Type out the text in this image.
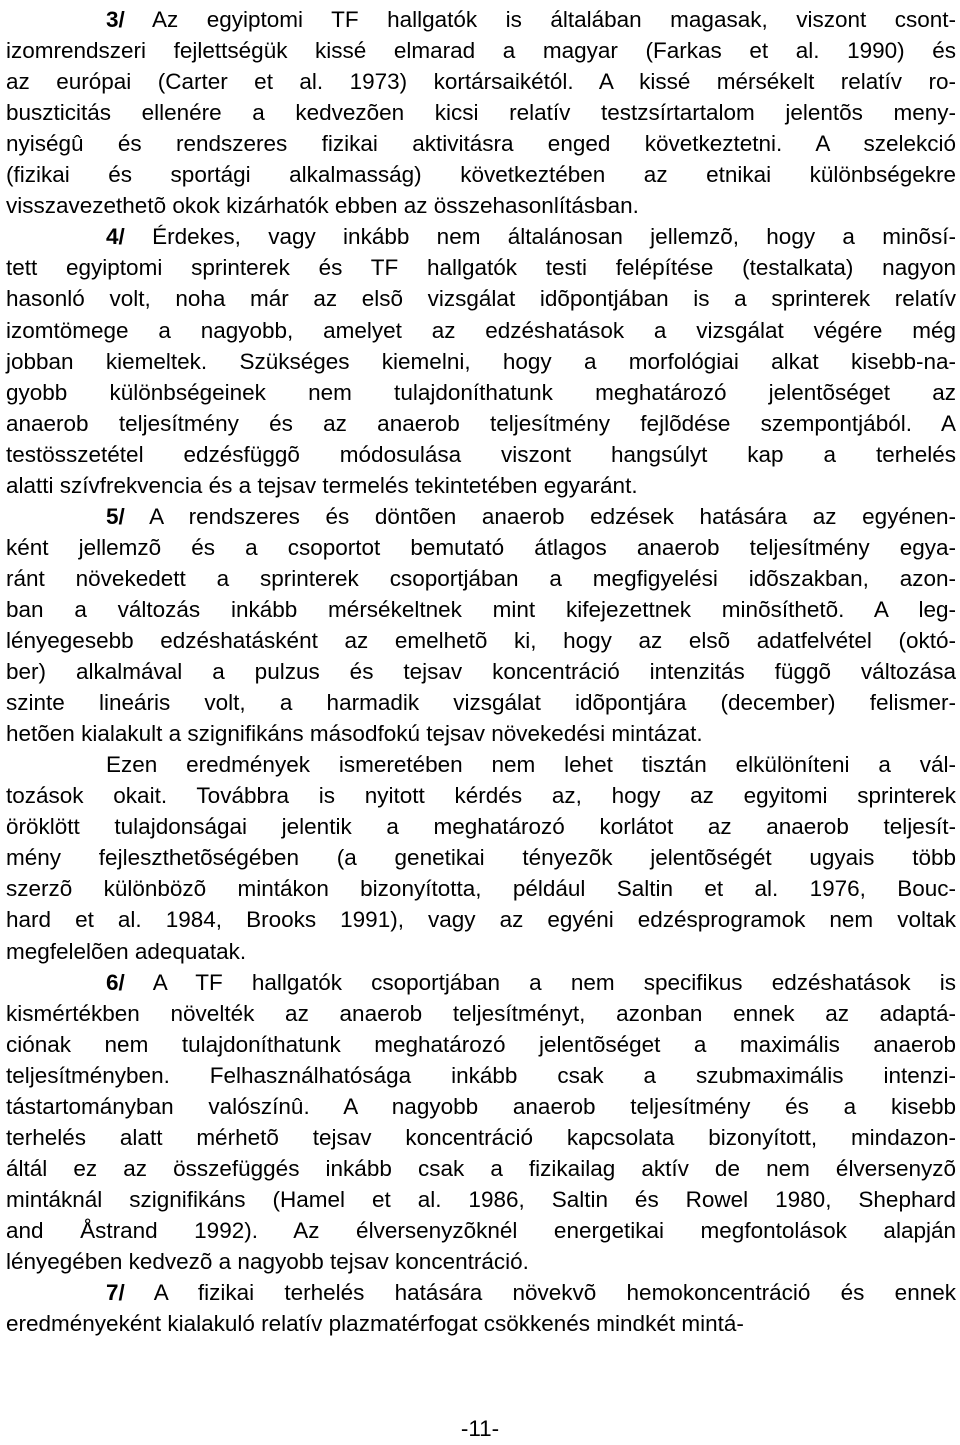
3/ Az egyiptomi TF hallgatók is általában magasak, viszont csont-
izomrendszeri fejlettségük kissé elmarad a magyar (Farkas et al. 1990) és
az európai (Carter et al. 1973) kortársaikétól. A kissé mérsékelt relatív ro-
buszticitás ellenére a kedvezõen kicsi relatív testzsírtartalom jelentõs meny-
nyiségû és rendszeres fizikai aktivitásra enged következtetni. A szelekció
(fizikai és sportági alkalmasság) következtében az etnikai különbségekre
visszavezethetõ okok kizárhatók ebben az összehasonlításban.
4/ Érdekes, vagy inkább nem általánosan jellemzõ, hogy a minõsí-
tett egyiptomi sprinterek és TF hallgatók testi felépítése (testalkata) nagyon
hasonló volt, noha már az elsõ vizsgálat idõpontjában is a sprinterek relatív
izomtömege a nagyobb, amelyet az edzéshatások a vizsgálat végére még
jobban kiemeltek. Szükséges kiemelni, hogy a morfológiai alkat kisebb-na-
gyobb különbségeinek nem tulajdoníthatunk meghatározó jelentõséget az
anaerob teljesítmény és az anaerob teljesítmény fejlõdése szempontjából. A
testösszetétel edzésfüggõ módosulása viszont hangsúlyt kap a terhelés
alatti szívfrekvencia és a tejsav termelés tekintetében egyaránt.
5/ A rendszeres és döntõen anaerob edzések hatására az egyénen-
ként jellemzõ és a csoportot bemutató átlagos anaerob teljesítmény egya-
ránt növekedett a sprinterek csoportjában a megfigyelési idõszakban, azon-
ban a változás inkább mérsékeltnek mint kifejezettnek minõsíthetõ. A leg-
lényegesebb edzéshatásként az emelhetõ ki, hogy az elsõ adatfelvétel (októ-
ber) alkalmával a pulzus és tejsav koncentráció intenzitás függõ változása
szinte lineáris volt, a harmadik vizsgálat idõpontjára (december) felismer-
hetõen kialakult a szignifikáns másodfokú tejsav növekedési mintázat.
Ezen eredmények ismeretében nem lehet tisztán elkülöníteni a vál-
tozások okait. Továbbra is nyitott kérdés az, hogy az egyitomi sprinterek
öröklött tulajdonságai jelentik a meghatározó korlátot az anaerob teljesít-
mény fejleszthetõségében (a genetikai tényezõk jelentõségét ugyais több
szerzõ különbözõ mintákon bizonyította, például Saltin et al. 1976, Bouc-
hard et al. 1984, Brooks 1991), vagy az egyéni edzésprogramok nem voltak
megfelelõen adequatak.
6/ A TF hallgatók csoportjában a nem specifikus edzéshatások is
kismértékben növelték az anaerob teljesítményt, azonban ennek az adaptá-
ciónak nem tulajdoníthatunk meghatározó jelentõséget a maximális anaerob
teljesítményben. Felhasználhatósága inkább csak a szubmaximális intenzi-
tástartományban valószínû. A nagyobb anaerob teljesítmény és a kisebb
terhelés alatt mérhetõ tejsav koncentráció kapcsolata bizonyított, mindazon-
áltál ez az összefüggés inkább csak a fizikailag aktív de nem élversenyzõ
mintáknál szignifikáns (Hamel et al. 1986, Saltin és Rowel 1980, Shephard
and Åstrand 1992). Az élversenyzõknél energetikai megfontolások alapján
lényegében kedvezõ a nagyobb tejsav koncentráció.
7/ A fizikai terhelés hatására növekvõ hemokoncentráció és ennek
eredményeként kialakuló relatív plazmatérfogat csökkenés mindkét mintá-
-11-
